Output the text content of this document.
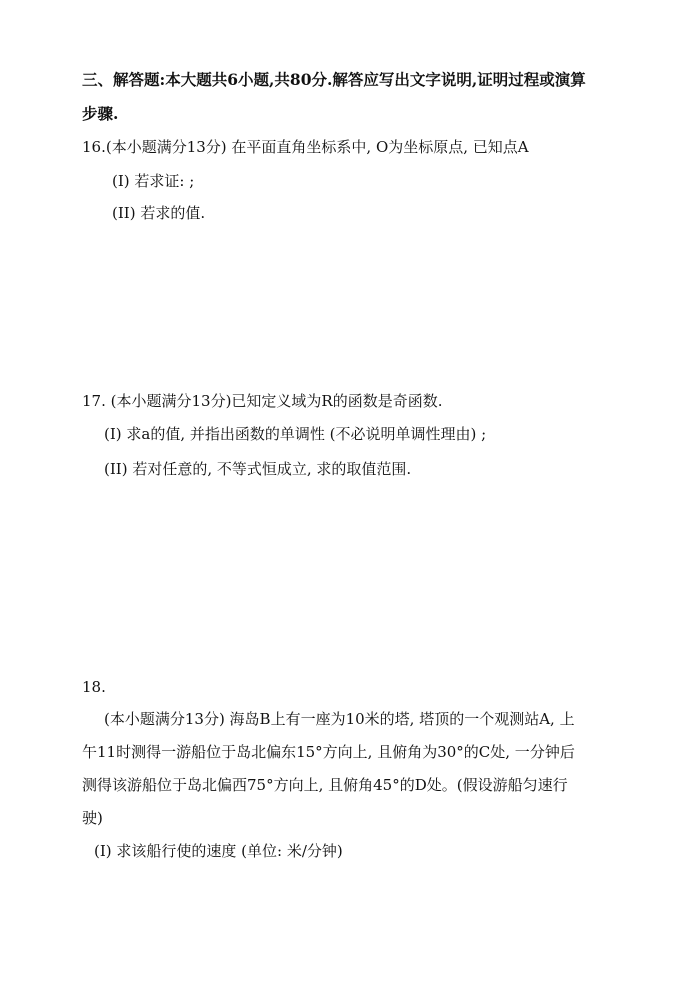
三、解答题:本大题共6小题,共80分.解答应写出文字说明,证明过程或演算
步骤.
16.(本小题满分13分) 在平面直角坐标系中, O为坐标原点, 已知点A
(I) 若求证: ;
(II) 若求的值.
17. (本小题满分13分)已知定义域为R的函数是奇函数.
(I) 求a的值, 并指出函数的单调性 (不必说明单调性理由) ;
(II) 若对任意的, 不等式恒成立, 求的取值范围.
18.
(本小题满分13分) 海岛B上有一座为10米的塔, 塔顶的一个观测站A, 上
午11时测得一游船位于岛北偏东15°方向上, 且俯角为30°的C处, 一分钟后
测得该游船位于岛北偏西75°方向上, 且俯角45°的D处。(假设游船匀速行
驶)
(I) 求该船行使的速度 (单位: 米/分钟)
